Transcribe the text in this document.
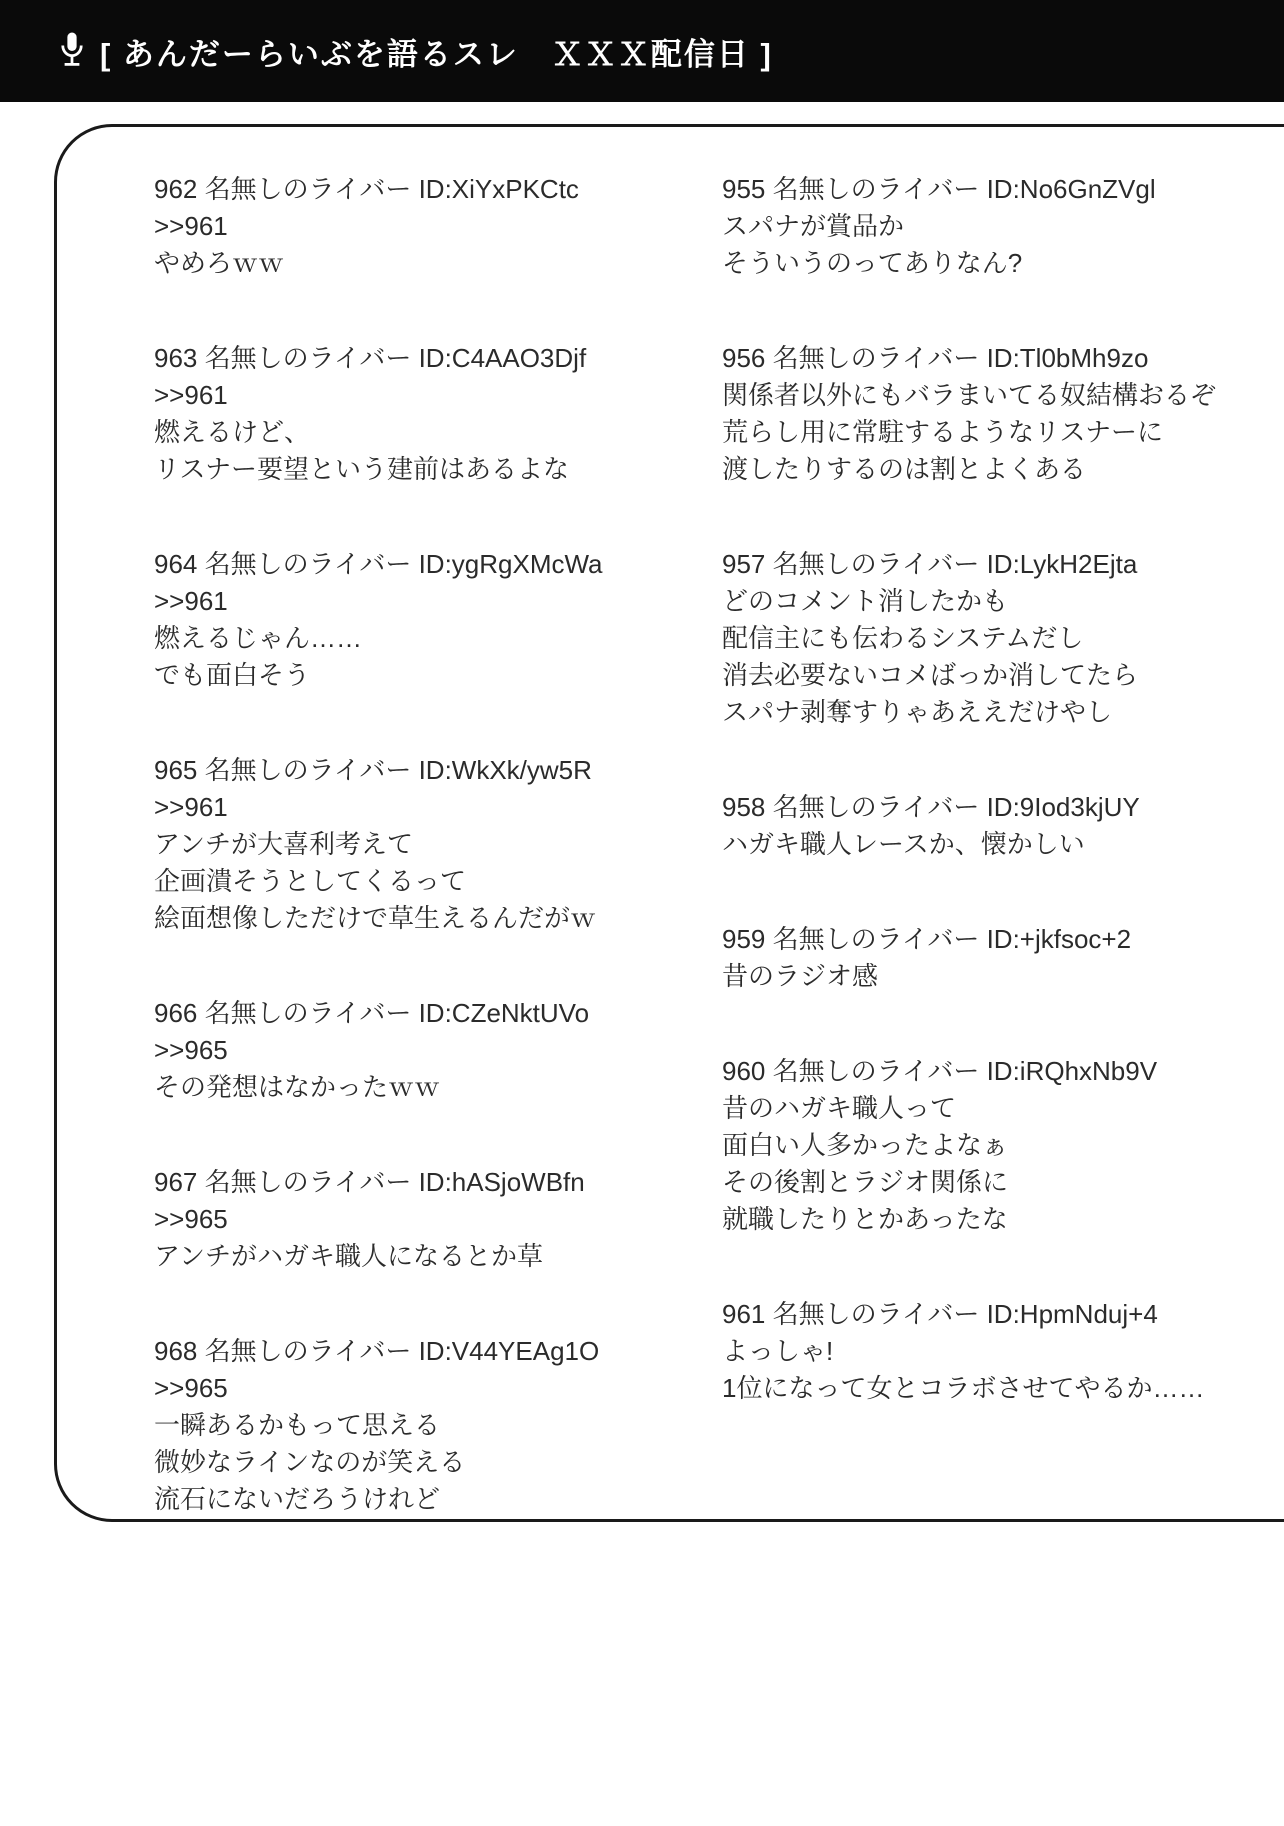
[ あんだーらいぶを語るスレ　ＸＸＸ配信日 ]
962 名無しのライバー ID:XiYxPKCtc
>>961
やめろｗｗ
963 名無しのライバー ID:C4AAO3Djf
>>961
燃えるけど、
リスナー要望という建前はあるよな
964 名無しのライバー ID:ygRgXMcWa
>>961
燃えるじゃん……
でも面白そう
965 名無しのライバー ID:WkXk/yw5R
>>961
アンチが大喜利考えて
企画潰そうとしてくるって
絵面想像しただけで草生えるんだがｗ
966 名無しのライバー ID:CZeNktUVo
>>965
その発想はなかったｗｗ
967 名無しのライバー ID:hASjoWBfn
>>965
アンチがハガキ職人になるとか草
968 名無しのライバー ID:V44YEAg1O
>>965
一瞬あるかもって思える
微妙なラインなのが笑える
流石にないだろうけれど
955 名無しのライバー ID:No6GnZVgl
スパナが賞品か
そういうのってありなん?
956 名無しのライバー ID:Tl0bMh9zo
関係者以外にもバラまいてる奴結構おるぞ
荒らし用に常駐するようなリスナーに
渡したりするのは割とよくある
957 名無しのライバー ID:LykH2Ejta
どのコメント消したかも
配信主にも伝わるシステムだし
消去必要ないコメばっか消してたら
スパナ剥奪すりゃあええだけやし
958 名無しのライバー ID:9Iod3kjUY
ハガキ職人レースか、懐かしい
959 名無しのライバー ID:+jkfsoc+2
昔のラジオ感
960 名無しのライバー ID:iRQhxNb9V
昔のハガキ職人って
面白い人多かったよなぁ
その後割とラジオ関係に
就職したりとかあったな
961 名無しのライバー ID:HpmNduj+4
よっしゃ!
1位になって女とコラボさせてやるか……
